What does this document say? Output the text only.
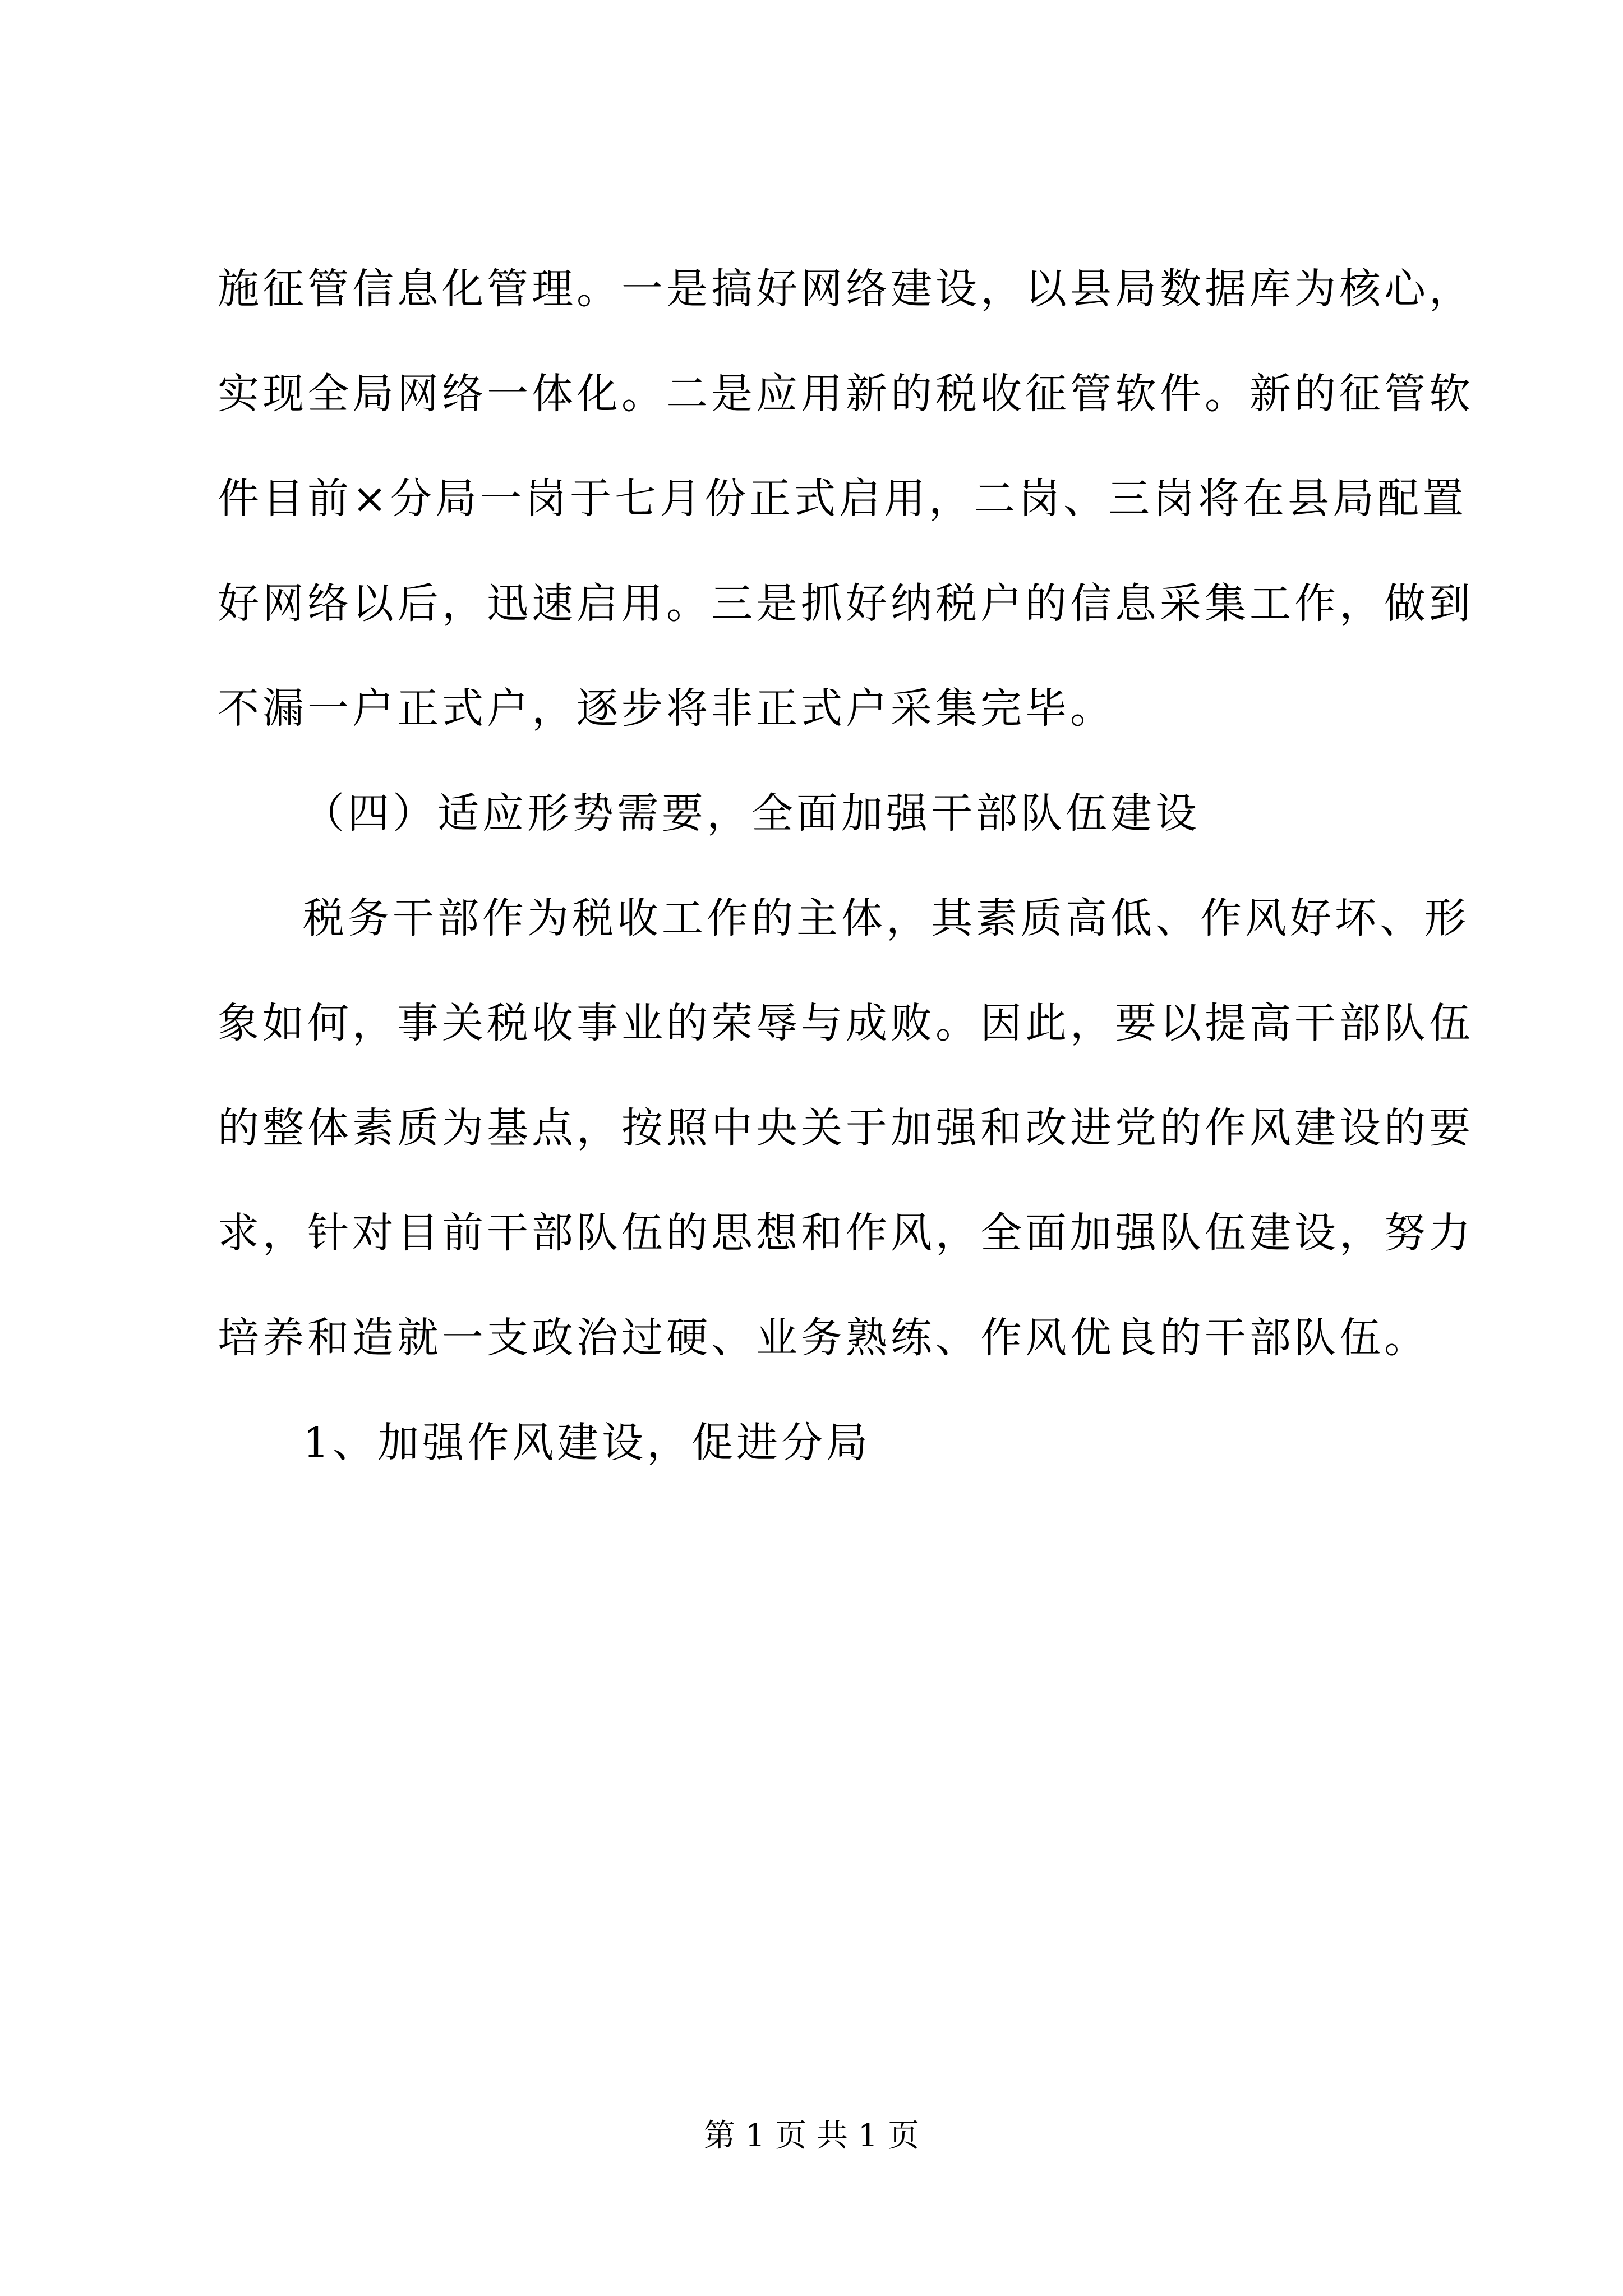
施征管信息化管理。一是搞好网络建设，以县局数据库为核心，
实现全局网络一体化。二是应用新的税收征管软件。新的征管软
件目前×分局一岗于七月份正式启用，二岗、三岗将在县局配置
好网络以后，迅速启用。三是抓好纳税户的信息采集工作，做到
不漏一户正式户，逐步将非正式户采集完毕。
（四）适应形势需要，全面加强干部队伍建设
税务干部作为税收工作的主体，其素质高低、作风好坏、形
象如何，事关税收事业的荣辱与成败。因此，要以提高干部队伍
的整体素质为基点，按照中央关于加强和改进党的作风建设的要
求，针对目前干部队伍的思想和作风，全面加强队伍建设，努力
培养和造就一支政治过硬、业务熟练、作风优良的干部队伍。
1、加强作风建设，促进分局
第 1 页 共 1 页
